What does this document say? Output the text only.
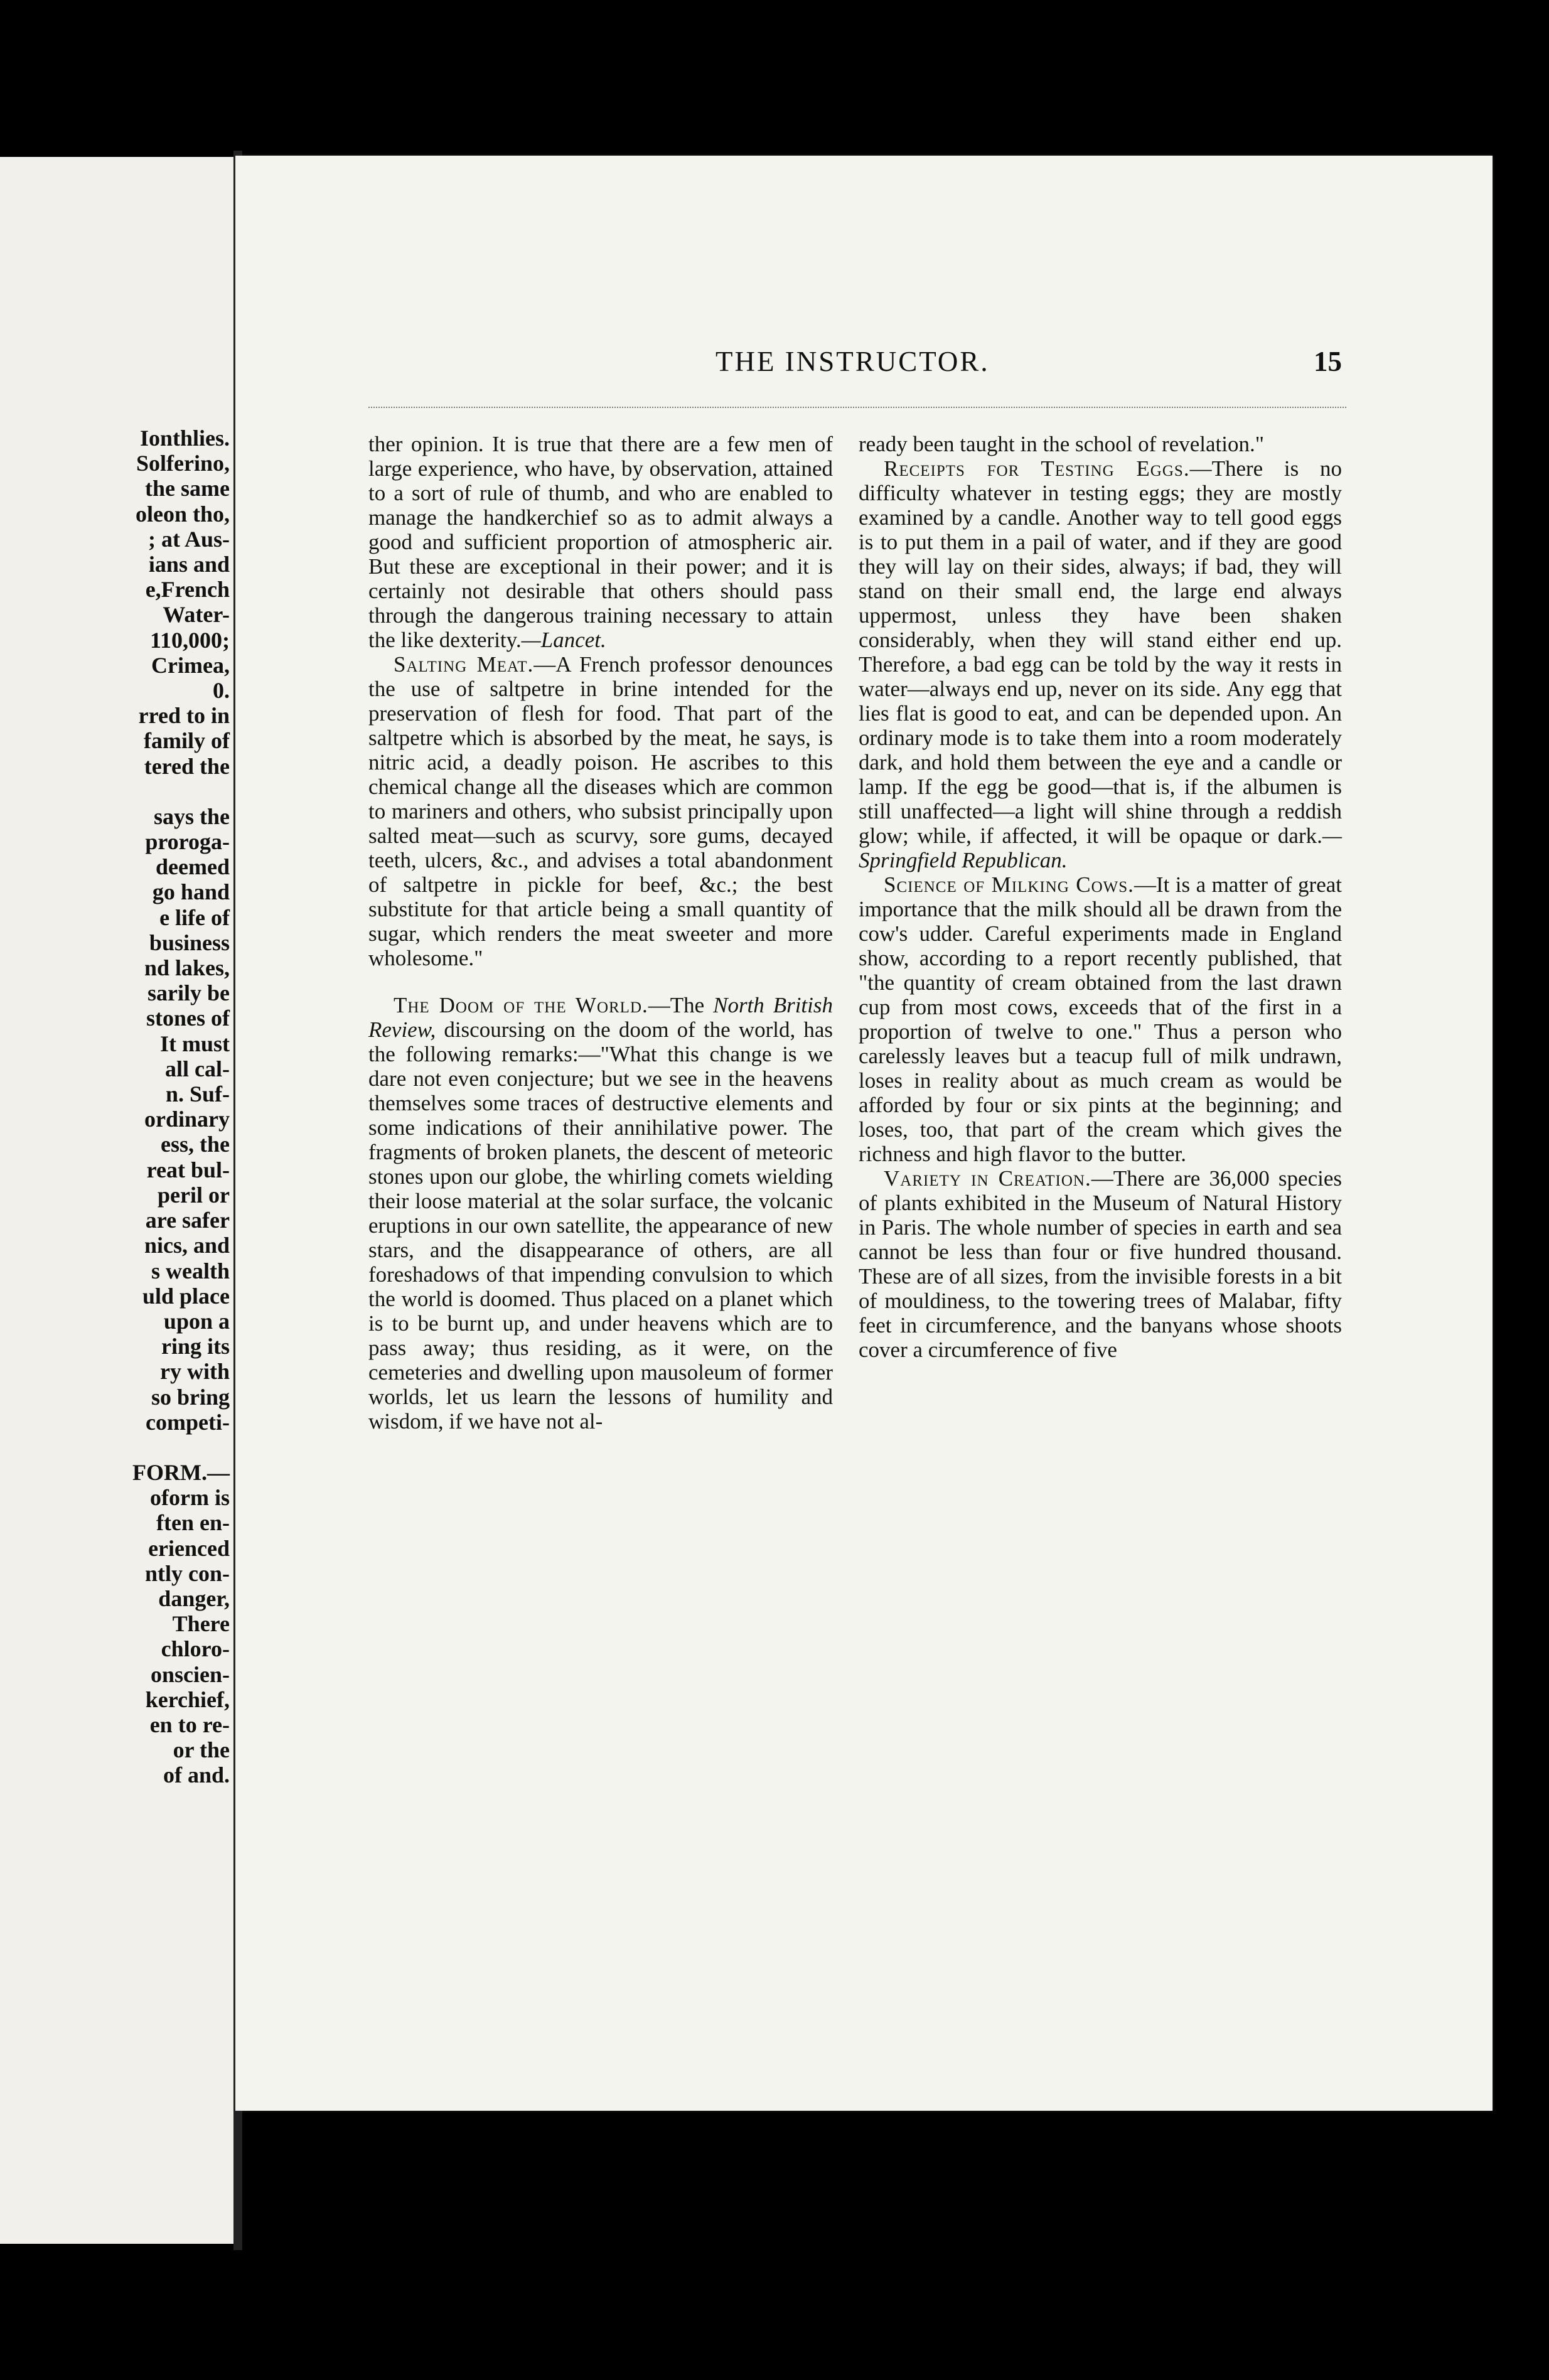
Ionthlies.
Solferino,
the same
oleon tho,
; at Aus-
ians and
e,French
Water-
110,000;
Crimea,
0.
rred to in
family of
tered the
says the
proroga-
deemed
go hand
e life of
business
nd lakes,
sarily be
stones of
It must
all cal-
n. Suf-
ordinary
ess, the
reat bul-
peril or
are safer
nics, and
s wealth
uld place
upon a
ring its
ry with
so bring
competi-
FORM.—
oform is
ften en-
erienced
ntly con-
danger,
There
chloro-
onscien-
kerchief,
en to re-
or the
of and.
THE INSTRUCTOR.	15

ther opinion. It is true that there are a few men of large experience, who have, by observation, attained to a sort of rule of thumb, and who are enabled to manage the handkerchief so as to admit always a good and sufficient proportion of atmospheric air. But these are exceptional in their power; and it is certainly not desirable that others should pass through the dangerous training necessary to attain the like dexterity.—Lancet.

Salting Meat.—A French professor denounces the use of saltpetre in brine intended for the preservation of flesh for food. That part of the saltpetre which is absorbed by the meat, he says, is nitric acid, a deadly poison. He ascribes to this chemical change all the diseases which are common to mariners and others, who subsist principally upon salted meat—such as scurvy, sore gums, decayed teeth, ulcers, &c., and advises a total abandonment of saltpetre in pickle for beef, &c.; the best substitute for that article being a small quantity of sugar, which renders the meat sweeter and more wholesome."

The Doom of the World.—The North British Review, discoursing on the doom of the world, has the following remarks:—"What this change is we dare not even conjecture; but we see in the heavens themselves some traces of destructive elements and some indications of their annihilative power. The fragments of broken planets, the descent of meteoric stones upon our globe, the whirling comets wielding their loose material at the solar surface, the volcanic eruptions in our own satellite, the appearance of new stars, and the disappearance of others, are all foreshadows of that impending convulsion to which the world is doomed. Thus placed on a planet which is to be burnt up, and under heavens which are to pass away; thus residing, as it were, on the cemeteries and dwelling upon mausoleum of former worlds, let us learn the lessons of humility and wisdom, if we have not al-

ready been taught in the school of revelation."

Receipts for Testing Eggs.—There is no difficulty whatever in testing eggs; they are mostly examined by a candle. Another way to tell good eggs is to put them in a pail of water, and if they are good they will lay on their sides, always; if bad, they will stand on their small end, the large end always uppermost, unless they have been shaken considerably, when they will stand either end up. Therefore, a bad egg can be told by the way it rests in water—always end up, never on its side. Any egg that lies flat is good to eat, and can be depended upon. An ordinary mode is to take them into a room moderately dark, and hold them between the eye and a candle or lamp. If the egg be good—that is, if the albumen is still unaffected—a light will shine through a reddish glow; while, if affected, it will be opaque or dark.—Springfield Republican.

Science of Milking Cows.—It is a matter of great importance that the milk should all be drawn from the cow's udder. Careful experiments made in England show, according to a report recently published, that "the quantity of cream obtained from the last drawn cup from most cows, exceeds that of the first in a proportion of twelve to one." Thus a person who carelessly leaves but a teacup full of milk undrawn, loses in reality about as much cream as would be afforded by four or six pints at the beginning; and loses, too, that part of the cream which gives the richness and high flavor to the butter.

Variety in Creation.—There are 36,000 species of plants exhibited in the Museum of Natural History in Paris. The whole number of species in earth and sea cannot be less than four or five hundred thousand. These are of all sizes, from the invisible forests in a bit of mouldiness, to the towering trees of Malabar, fifty feet in circumference, and the banyans whose shoots cover a circumference of five
